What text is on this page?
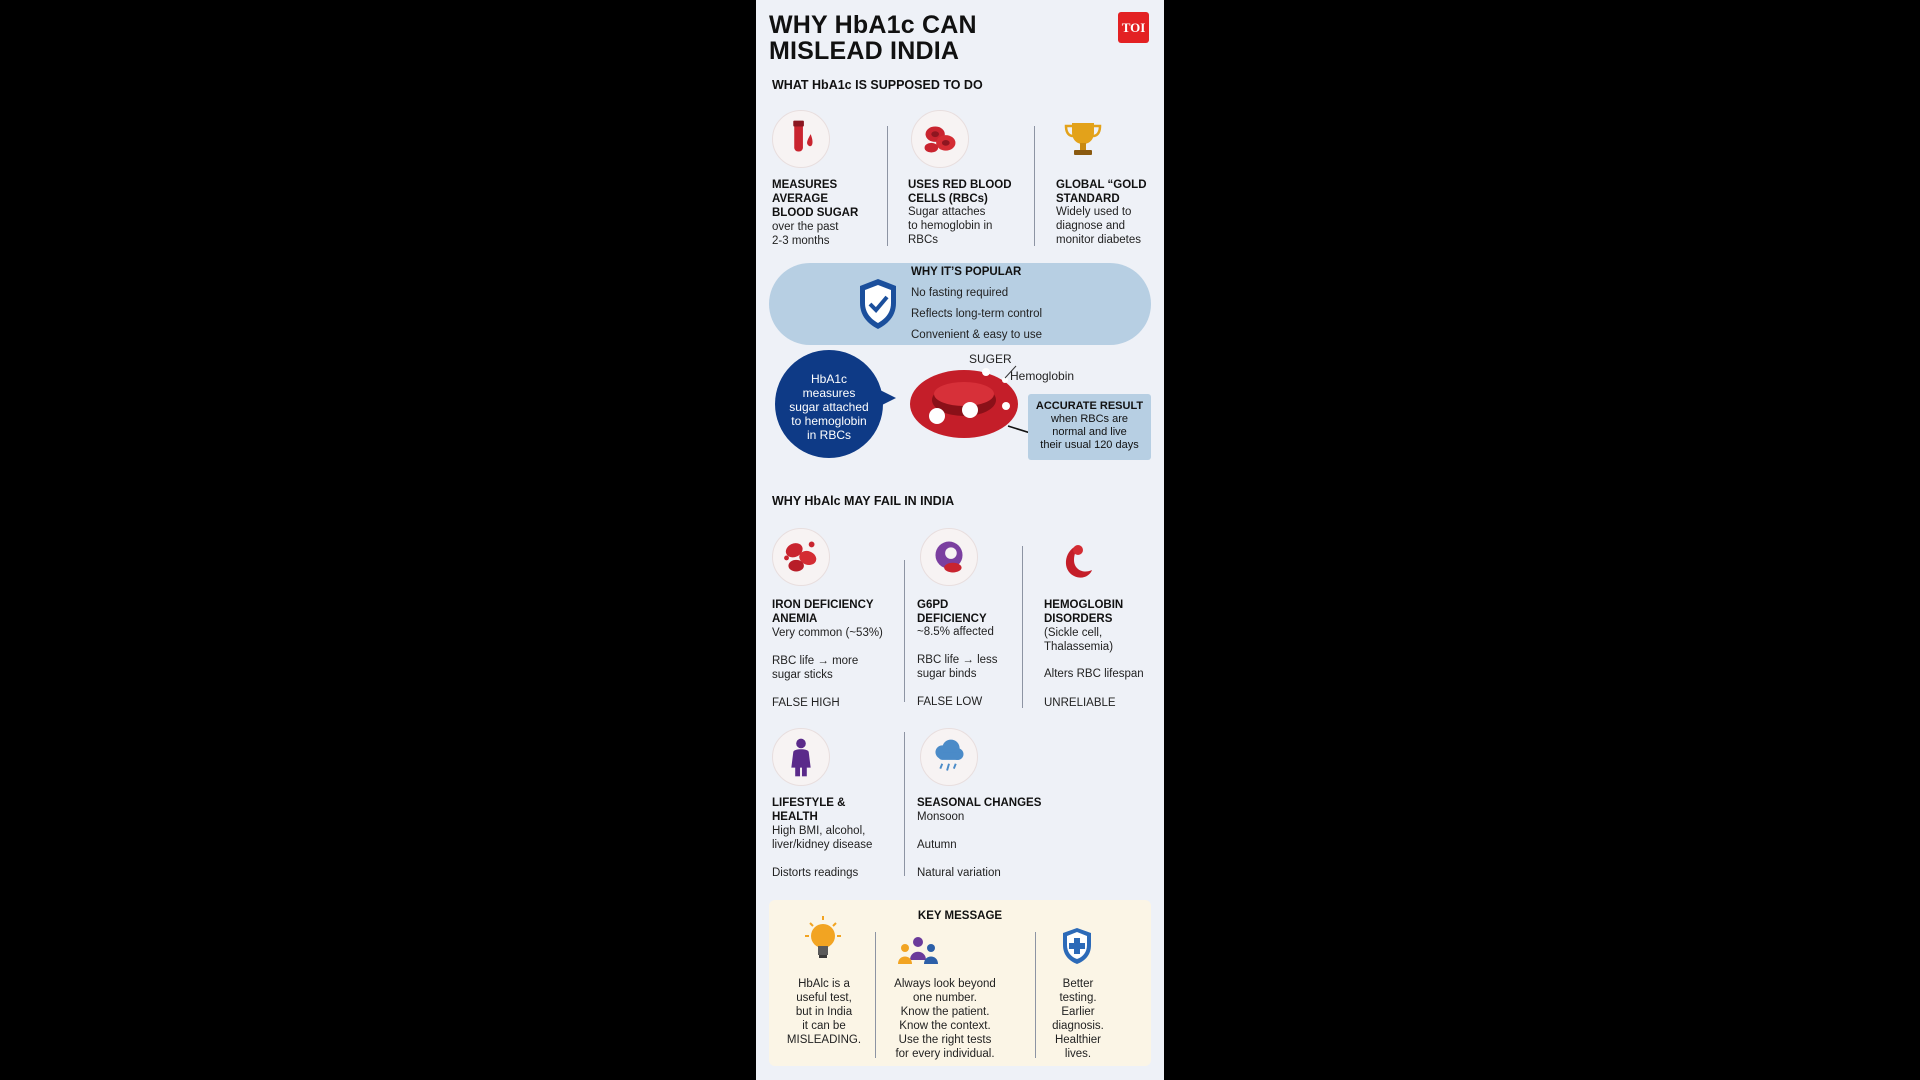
WHY HbA1c CAN
MISLEAD INDIA
TOI
WHAT HbA1c IS SUPPOSED TO DO
MEASURES
AVERAGE
BLOOD SUGAR
over the past
2-3 months
USES RED BLOOD
CELLS (RBCs)
Sugar attaches
to hemoglobin in
RBCs
GLOBAL “GOLD
STANDARD
Widely used to
diagnose and
monitor diabetes
WHY IT’S POPULAR
No fasting required
Reflects long-term control
Convenient & easy to use
HbA1c
measures
sugar attached
to hemoglobin
in RBCs
SUGER
Hemoglobin
ACCURATE RESULT
when RBCs are
normal and live
their usual 120 days
WHY HbAlc MAY FAIL IN INDIA
IRON DEFICIENCY
ANEMIA
Very common (~53%)
RBC life → more
sugar sticks
FALSE HIGH
G6PD
DEFICIENCY
~8.5% affected
RBC life → less
sugar binds
FALSE LOW
HEMOGLOBIN
DISORDERS
(Sickle cell,
Thalassemia)
Alters RBC lifespan
UNRELIABLE
LIFESTYLE &
HEALTH
High BMI, alcohol,
liver/kidney disease
Distorts readings
SEASONAL CHANGES
Monsoon
Autumn
Natural variation
KEY MESSAGE
HbAlc is a
useful test,
but in India
it can be
MISLEADING.
Always look beyond
one number.
Know the patient.
Know the context.
Use the right tests
for every individual.
Better
testing.
Earlier
diagnosis.
Healthier
lives.
